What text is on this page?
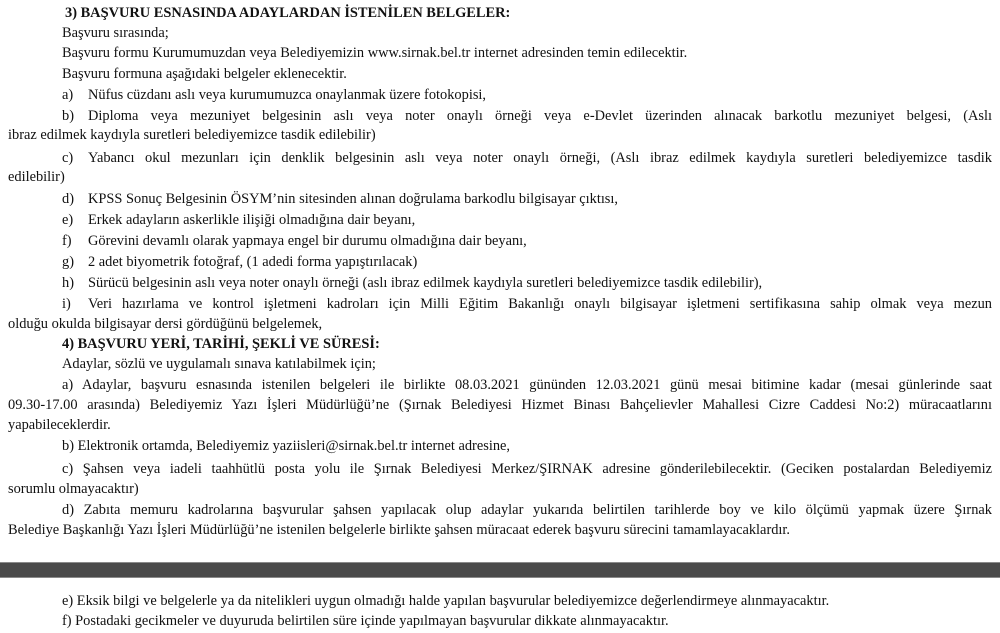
3) BAŞVURU ESNASINDA ADAYLARDAN İSTENİLEN BELGELER:
Başvuru sırasında;
Başvuru formu Kurumumuzdan veya Belediyemizin www.sirnak.bel.tr internet adresinden temin edilecektir.
Başvuru formuna aşağıdaki belgeler eklenecektir.
a) Nüfus cüzdanı aslı veya kurumumuzca onaylanmak üzere fotokopisi,
b) Diploma veya mezuniyet belgesinin aslı veya noter onaylı örneği veya e-Devlet üzerinden alınacak barkotlu mezuniyet belgesi, (Aslı
ibraz edilmek kaydıyla suretleri belediyemizce tasdik edilebilir)
c) Yabancı okul mezunları için denklik belgesinin aslı veya noter onaylı örneği, (Aslı ibraz edilmek kaydıyla suretleri belediyemizce tasdik
edilebilir)
d) KPSS Sonuç Belgesinin ÖSYM’nin sitesinden alınan doğrulama barkodlu bilgisayar çıktısı,
e) Erkek adayların askerlikle ilişiği olmadığına dair beyanı,
f) Görevini devamlı olarak yapmaya engel bir durumu olmadığına dair beyanı,
g) 2 adet biyometrik fotoğraf, (1 adedi forma yapıştırılacak)
h) Sürücü belgesinin aslı veya noter onaylı örneği (aslı ibraz edilmek kaydıyla suretleri belediyemizce tasdik edilebilir),
i) Veri hazırlama ve kontrol işletmeni kadroları için Milli Eğitim Bakanlığı onaylı bilgisayar işletmeni sertifikasına sahip olmak veya mezun
olduğu okulda bilgisayar dersi gördüğünü belgelemek,
4) BAŞVURU YERİ, TARİHİ, ŞEKLİ VE SÜRESİ:
Adaylar, sözlü ve uygulamalı sınava katılabilmek için;
a) Adaylar, başvuru esnasında istenilen belgeleri ile birlikte 08.03.2021 gününden 12.03.2021 günü mesai bitimine kadar (mesai günlerinde saat
09.30-17.00 arasında) Belediyemiz Yazı İşleri Müdürlüğü’ne (Şırnak Belediyesi Hizmet Binası Bahçelievler Mahallesi Cizre Caddesi No:2) müracaatlarını
yapabileceklerdir.
b) Elektronik ortamda, Belediyemiz yaziisleri@sirnak.bel.tr internet adresine,
c) Şahsen veya iadeli taahhütlü posta yolu ile Şırnak Belediyesi Merkez/ŞIRNAK adresine gönderilebilecektir. (Geciken postalardan Belediyemiz
sorumlu olmayacaktır)
d) Zabıta memuru kadrolarına başvurular şahsen yapılacak olup adaylar yukarıda belirtilen tarihlerde boy ve kilo ölçümü yapmak üzere Şırnak
Belediye Başkanlığı Yazı İşleri Müdürlüğü’ne istenilen belgelerle birlikte şahsen müracaat ederek başvuru sürecini tamamlayacaklardır.
e) Eksik bilgi ve belgelerle ya da nitelikleri uygun olmadığı halde yapılan başvurular belediyemizce değerlendirmeye alınmayacaktır.
f) Postadaki gecikmeler ve duyuruda belirtilen süre içinde yapılmayan başvurular dikkate alınmayacaktır.
